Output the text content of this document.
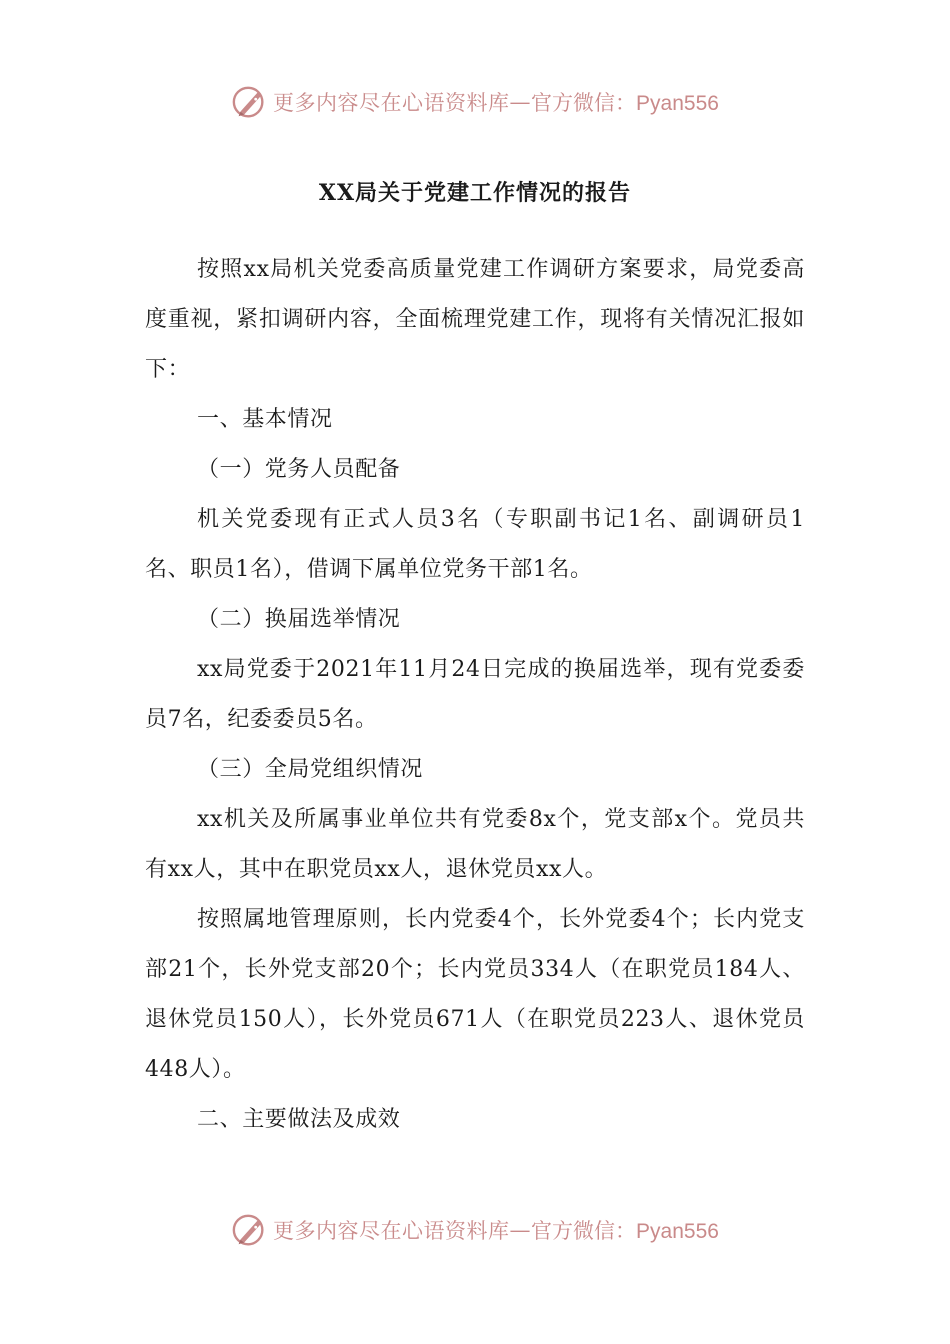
更多内容尽在心语资料库 — 官方微信：Pyan556
XX局关于党建工作情况的报告

按照xx局机关党委高质量党建工作调研方案要求，局党委高度重视，紧扣调研内容，全面梳理党建工作，现将有关情况汇报如下：

一、基本情况

（一）党务人员配备

机关党委现有正式人员3名（专职副书记1名、副调研员1名、职员1名），借调下属单位党务干部1名。

（二）换届选举情况

xx局党委于2021年11月24日完成的换届选举，现有党委委员7名，纪委委员5名。

（三）全局党组织情况

xx机关及所属事业单位共有党委8x个，党支部x个。党员共有xx人，其中在职党员xx人，退休党员xx人。

按照属地管理原则，长内党委4个，长外党委4个；长内党支部21个，长外党支部20个；长内党员334人（在职党员184人、退休党员150人），长外党员671人（在职党员223人、退休党员448人）。

二、主要做法及成效

更多内容尽在心语资料库 — 官方微信：Pyan556
